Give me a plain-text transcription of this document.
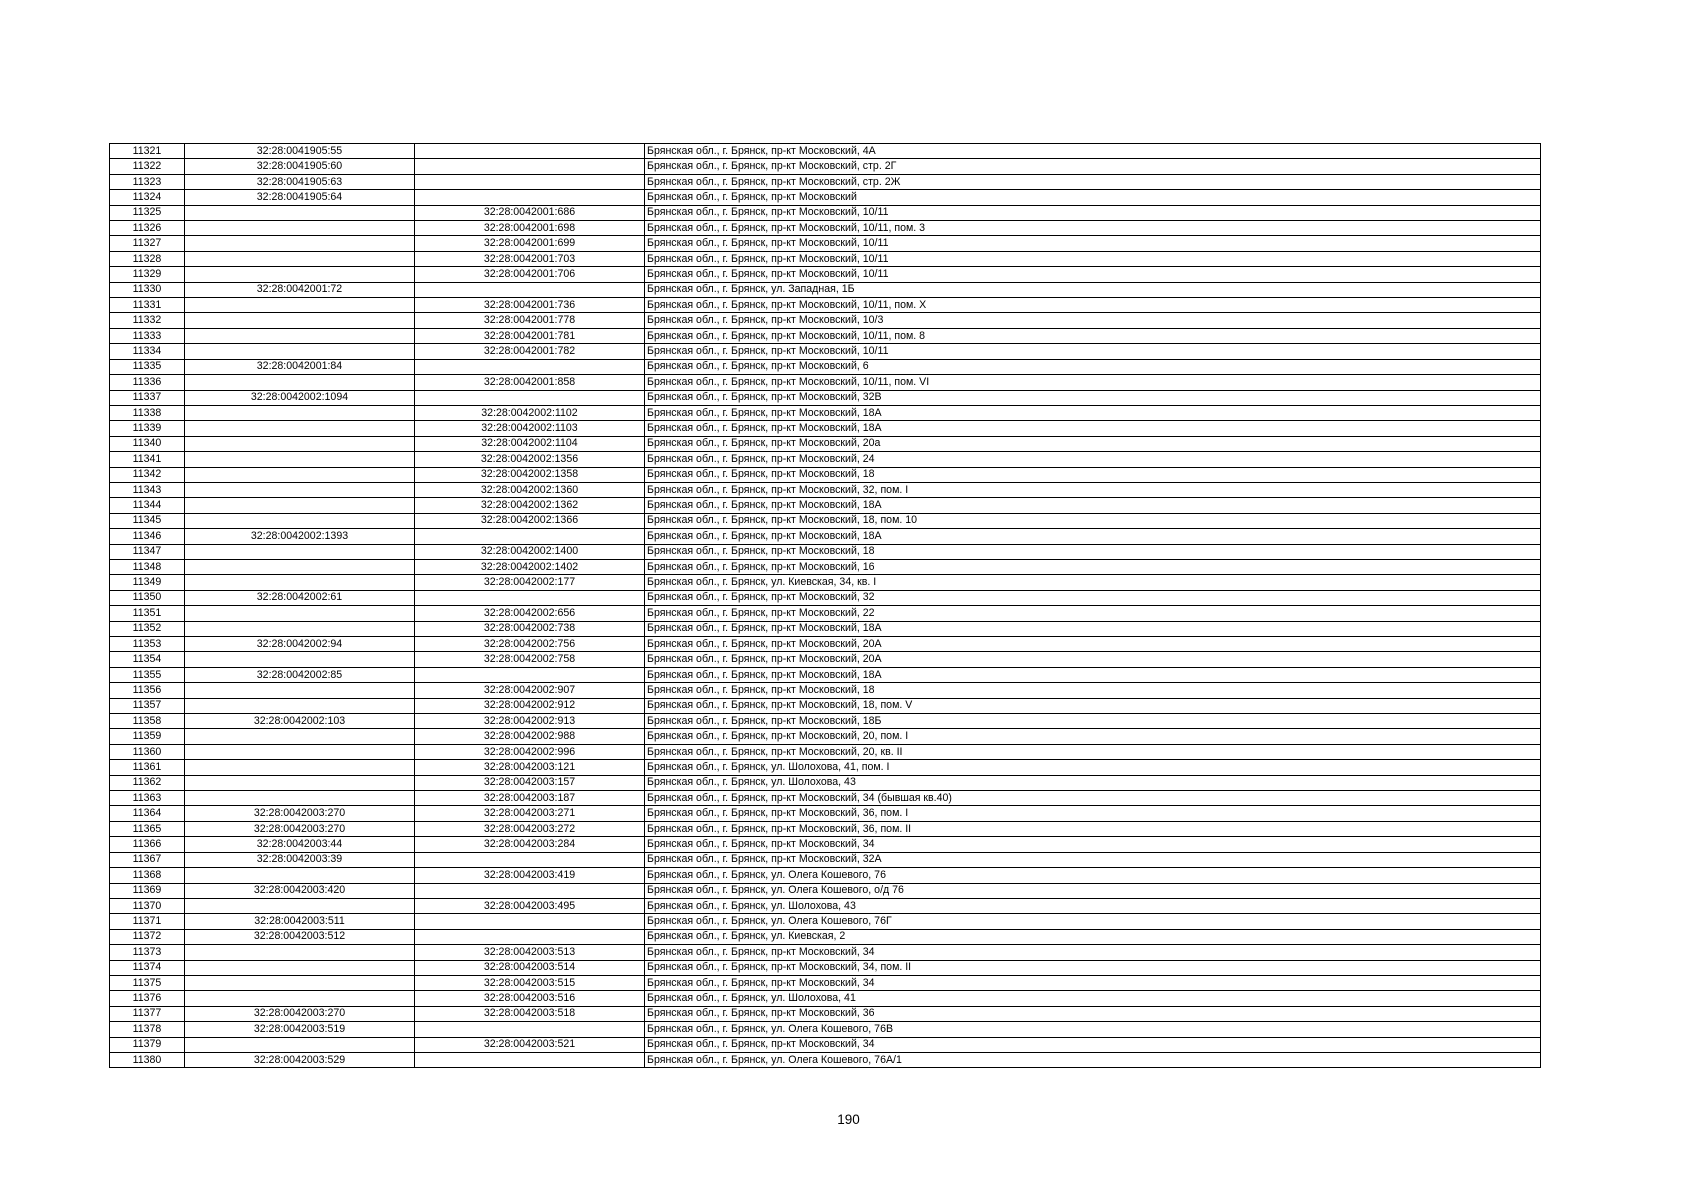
11321	32:28:0041905:55		Брянская обл., г. Брянск, пр-кт Московский, 4А
11322	32:28:0041905:60		Брянская обл., г. Брянск, пр-кт Московский, стр. 2Г
11323	32:28:0041905:63		Брянская обл., г. Брянск, пр-кт Московский, стр. 2Ж
11324	32:28:0041905:64		Брянская обл., г. Брянск, пр-кт Московский
11325		32:28:0042001:686	Брянская обл., г. Брянск, пр-кт Московский, 10/11
11326		32:28:0042001:698	Брянская обл., г. Брянск, пр-кт Московский, 10/11, пом. 3
11327		32:28:0042001:699	Брянская обл., г. Брянск, пр-кт Московский, 10/11
11328		32:28:0042001:703	Брянская обл., г. Брянск, пр-кт Московский, 10/11
11329		32:28:0042001:706	Брянская обл., г. Брянск, пр-кт Московский, 10/11
11330	32:28:0042001:72		Брянская обл., г. Брянск, ул. Западная, 1Б
11331		32:28:0042001:736	Брянская обл., г. Брянск, пр-кт Московский, 10/11, пом. Х
11332		32:28:0042001:778	Брянская обл., г. Брянск, пр-кт Московский, 10/3
11333		32:28:0042001:781	Брянская обл., г. Брянск, пр-кт Московский, 10/11, пом. 8
11334		32:28:0042001:782	Брянская обл., г. Брянск, пр-кт Московский, 10/11
11335	32:28:0042001:84		Брянская обл., г. Брянск, пр-кт Московский, 6
11336		32:28:0042001:858	Брянская обл., г. Брянск, пр-кт Московский, 10/11, пом. VI
11337	32:28:0042002:1094		Брянская обл., г. Брянск, пр-кт Московский, 32В
11338		32:28:0042002:1102	Брянская обл., г. Брянск, пр-кт Московский, 18А
11339		32:28:0042002:1103	Брянская обл., г. Брянск, пр-кт Московский, 18А
11340		32:28:0042002:1104	Брянская обл., г. Брянск, пр-кт Московский, 20а
11341		32:28:0042002:1356	Брянская обл., г. Брянск, пр-кт Московский, 24
11342		32:28:0042002:1358	Брянская обл., г. Брянск, пр-кт Московский, 18
11343		32:28:0042002:1360	Брянская обл., г. Брянск, пр-кт Московский, 32, пом. I
11344		32:28:0042002:1362	Брянская обл., г. Брянск, пр-кт Московский, 18А
11345		32:28:0042002:1366	Брянская обл., г. Брянск, пр-кт Московский, 18, пом. 10
11346	32:28:0042002:1393		Брянская обл., г. Брянск, пр-кт Московский, 18А
11347		32:28:0042002:1400	Брянская обл., г. Брянск, пр-кт Московский, 18
11348		32:28:0042002:1402	Брянская обл., г. Брянск, пр-кт Московский, 16
11349		32:28:0042002:177	Брянская обл., г. Брянск, ул. Киевская, 34, кв. I
11350	32:28:0042002:61		Брянская обл., г. Брянск, пр-кт Московский, 32
11351		32:28:0042002:656	Брянская обл., г. Брянск, пр-кт Московский, 22
11352		32:28:0042002:738	Брянская обл., г. Брянск, пр-кт Московский, 18А
11353	32:28:0042002:94	32:28:0042002:756	Брянская обл., г. Брянск, пр-кт Московский, 20А
11354		32:28:0042002:758	Брянская обл., г. Брянск, пр-кт Московский, 20А
11355	32:28:0042002:85		Брянская обл., г. Брянск, пр-кт Московский, 18А
11356		32:28:0042002:907	Брянская обл., г. Брянск, пр-кт Московский, 18
11357		32:28:0042002:912	Брянская обл., г. Брянск, пр-кт Московский, 18, пом. V
11358	32:28:0042002:103	32:28:0042002:913	Брянская обл., г. Брянск, пр-кт Московский, 18Б
11359		32:28:0042002:988	Брянская обл., г. Брянск, пр-кт Московский, 20, пом. I
11360		32:28:0042002:996	Брянская обл., г. Брянск, пр-кт Московский, 20, кв. II
11361		32:28:0042003:121	Брянская обл., г. Брянск, ул. Шолохова, 41, пом. I
11362		32:28:0042003:157	Брянская обл., г. Брянск, ул. Шолохова, 43
11363		32:28:0042003:187	Брянская обл., г. Брянск, пр-кт Московский, 34 (бывшая кв.40)
11364	32:28:0042003:270	32:28:0042003:271	Брянская обл., г. Брянск, пр-кт Московский, 36, пом. I
11365	32:28:0042003:270	32:28:0042003:272	Брянская обл., г. Брянск, пр-кт Московский, 36, пом. II
11366	32:28:0042003:44	32:28:0042003:284	Брянская обл., г. Брянск, пр-кт Московский, 34
11367	32:28:0042003:39		Брянская обл., г. Брянск, пр-кт Московский, 32А
11368		32:28:0042003:419	Брянская обл., г. Брянск, ул. Олега Кошевого, 76
11369	32:28:0042003:420		Брянская обл., г. Брянск, ул. Олега Кошевого, о/д 76
11370		32:28:0042003:495	Брянская обл., г. Брянск, ул. Шолохова, 43
11371	32:28:0042003:511		Брянская обл., г. Брянск, ул. Олега Кошевого, 76Г
11372	32:28:0042003:512		Брянская обл., г. Брянск, ул. Киевская, 2
11373		32:28:0042003:513	Брянская обл., г. Брянск, пр-кт Московский, 34
11374		32:28:0042003:514	Брянская обл., г. Брянск, пр-кт Московский, 34, пом. II
11375		32:28:0042003:515	Брянская обл., г. Брянск, пр-кт Московский, 34
11376		32:28:0042003:516	Брянская обл., г. Брянск, ул. Шолохова, 41
11377	32:28:0042003:270	32:28:0042003:518	Брянская обл., г. Брянск, пр-кт Московский, 36
11378	32:28:0042003:519		Брянская обл., г. Брянск, ул. Олега Кошевого, 76В
11379		32:28:0042003:521	Брянская обл., г. Брянск, пр-кт Московский, 34
11380	32:28:0042003:529		Брянская обл., г. Брянск, ул. Олега Кошевого, 76А/1
190
